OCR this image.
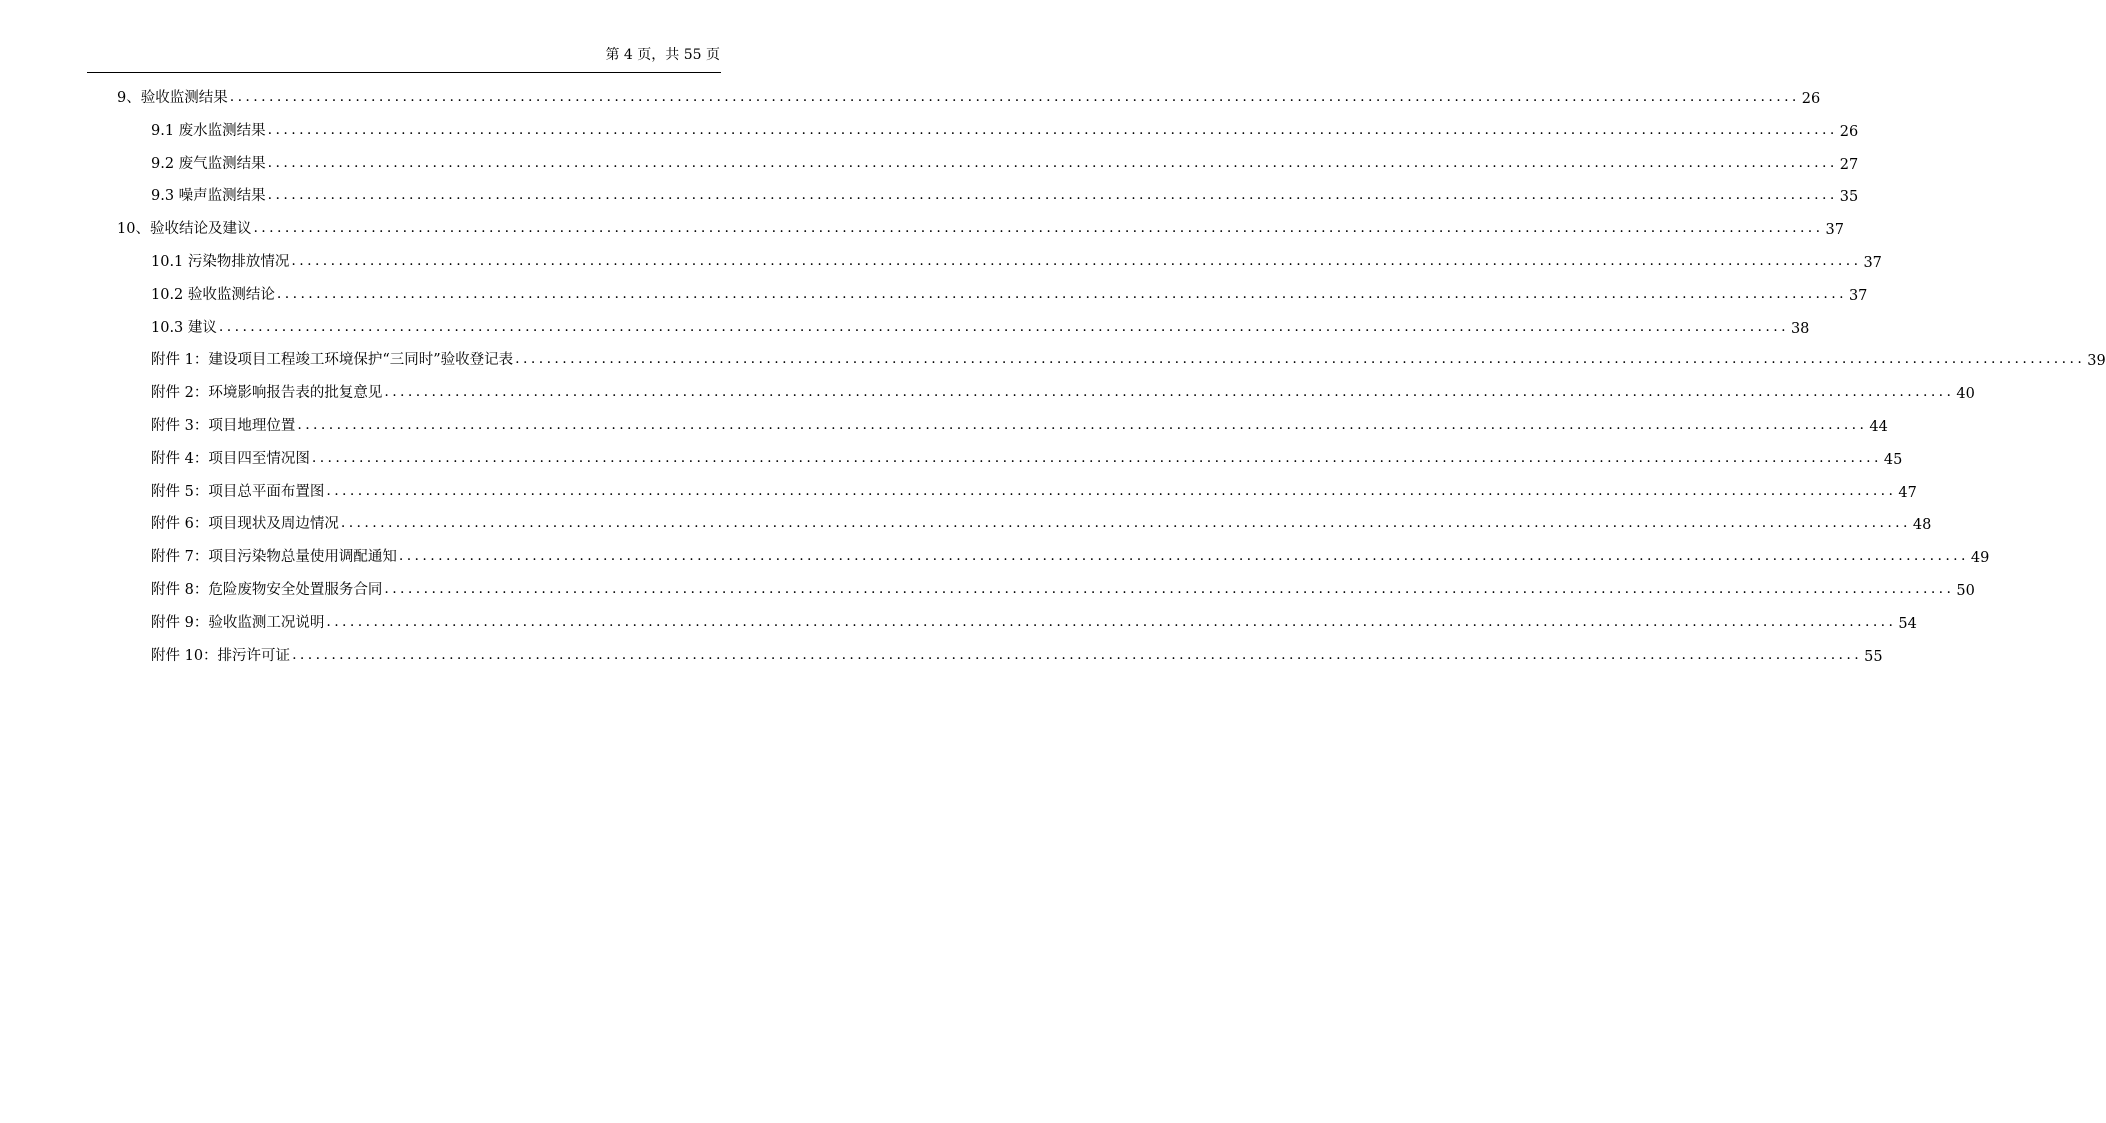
第 4 页，共 55 页
9、验收监测结果 ........................................................................................................................................................................................................ 26
9.1 废水监测结果 ........................................................................................................................................................................................................ 26
9.2 废气监测结果 ........................................................................................................................................................................................................ 27
9.3 噪声监测结果 ........................................................................................................................................................................................................ 35
10、验收结论及建议 ........................................................................................................................................................................................................ 37
10.1 污染物排放情况 ........................................................................................................................................................................................................ 37
10.2 验收监测结论 ........................................................................................................................................................................................................ 37
10.3 建议 ........................................................................................................................................................................................................ 38
附件 1：建设项目工程竣工环境保护“三同时”验收登记表 ........................................................................................................................................................................................................ 39
附件 2：环境影响报告表的批复意见 ........................................................................................................................................................................................................ 40
附件 3：项目地理位置 ........................................................................................................................................................................................................ 44
附件 4：项目四至情况图 ........................................................................................................................................................................................................ 45
附件 5：项目总平面布置图 ........................................................................................................................................................................................................ 47
附件 6：项目现状及周边情况 ........................................................................................................................................................................................................ 48
附件 7：项目污染物总量使用调配通知 ........................................................................................................................................................................................................ 49
附件 8：危险废物安全处置服务合同 ........................................................................................................................................................................................................ 50
附件 9：验收监测工况说明 ........................................................................................................................................................................................................ 54
附件 10：排污许可证 ........................................................................................................................................................................................................ 55
